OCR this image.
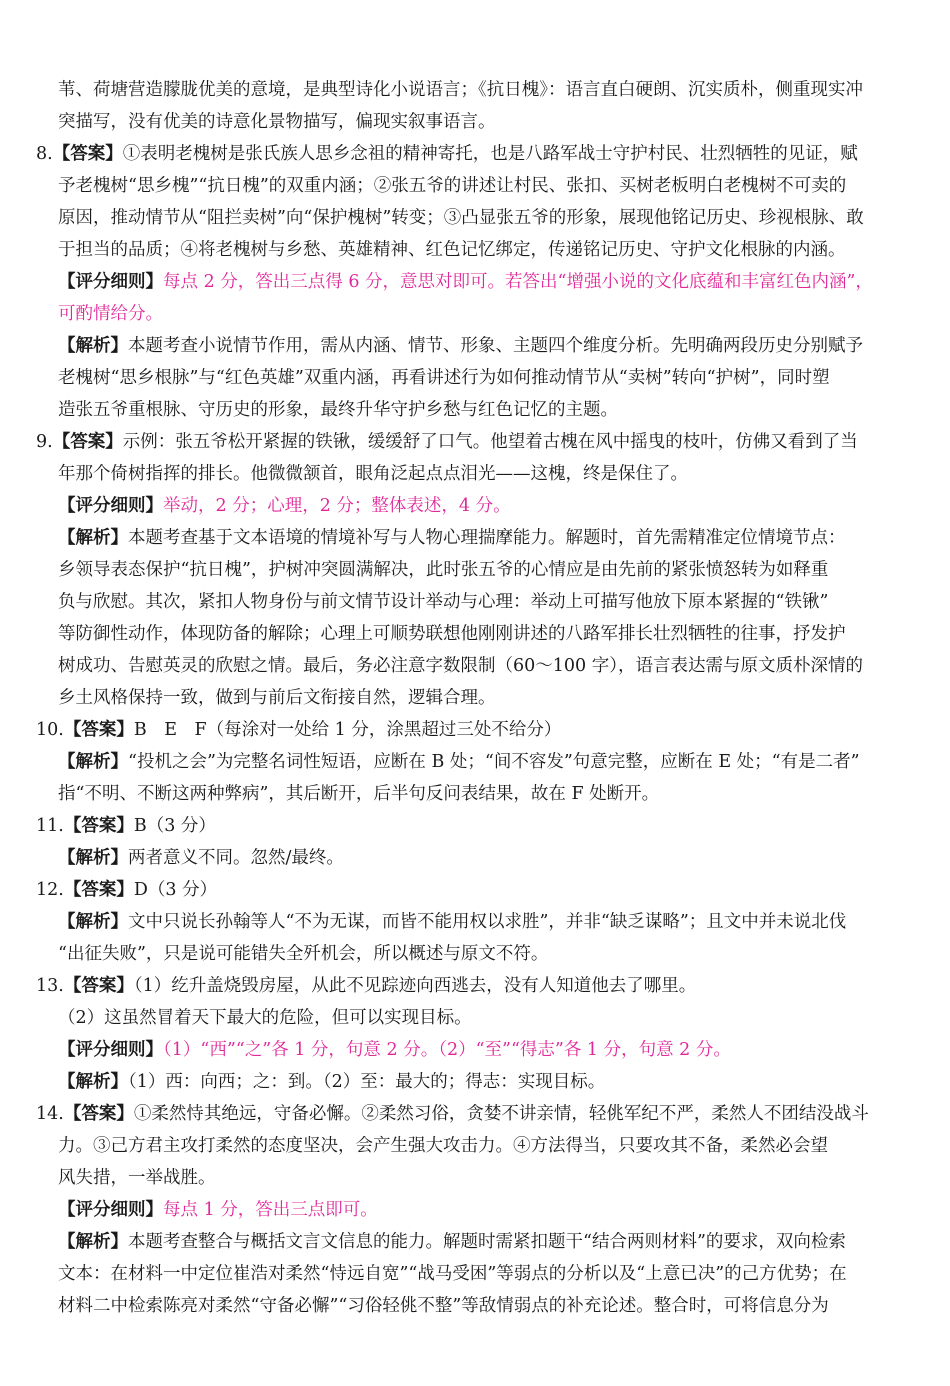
苇、荷塘营造朦胧优美的意境，是典型诗化小说语言；《抗日槐》：语言直白硬朗、沉实质朴，侧重现实冲
突描写，没有优美的诗意化景物描写，偏现实叙事语言。
8.【答案】①表明老槐树是张氏族人思乡念祖的精神寄托，也是八路军战士守护村民、壮烈牺牲的见证，赋
予老槐树“思乡槐”“抗日槐”的双重内涵；②张五爷的讲述让村民、张扣、买树老板明白老槐树不可卖的
原因，推动情节从“阻拦卖树”向“保护槐树”转变；③凸显张五爷的形象，展现他铭记历史、珍视根脉、敢
于担当的品质；④将老槐树与乡愁、英雄精神、红色记忆绑定，传递铭记历史、守护文化根脉的内涵。
【评分细则】每点 2 分，答出三点得 6 分，意思对即可。若答出“增强小说的文化底蕴和丰富红色内涵”，
可酌情给分。
【解析】本题考查小说情节作用，需从内涵、情节、形象、主题四个维度分析。先明确两段历史分别赋予
老槐树“思乡根脉”与“红色英雄”双重内涵，再看讲述行为如何推动情节从“卖树”转向“护树”，同时塑
造张五爷重根脉、守历史的形象，最终升华守护乡愁与红色记忆的主题。
9.【答案】示例：张五爷松开紧握的铁锹，缓缓舒了口气。他望着古槐在风中摇曳的枝叶，仿佛又看到了当
年那个倚树指挥的排长。他微微颔首，眼角泛起点点泪光——这槐，终是保住了。
【评分细则】举动，2 分；心理，2 分；整体表述，4 分。
【解析】本题考查基于文本语境的情境补写与人物心理揣摩能力。解题时，首先需精准定位情境节点：
乡领导表态保护“抗日槐”，护树冲突圆满解决，此时张五爷的心情应是由先前的紧张愤怒转为如释重
负与欣慰。其次，紧扣人物身份与前文情节设计举动与心理：举动上可描写他放下原本紧握的“铁锹”
等防御性动作，体现防备的解除；心理上可顺势联想他刚刚讲述的八路军排长壮烈牺牲的往事，抒发护
树成功、告慰英灵的欣慰之情。最后，务必注意字数限制（60～100 字），语言表达需与原文质朴深情的
乡土风格保持一致，做到与前后文衔接自然，逻辑合理。
10.【答案】B　E　F（每涂对一处给 1 分，涂黑超过三处不给分）
【解析】“投机之会”为完整名词性短语，应断在 B 处；“间不容发”句意完整，应断在 E 处；“有是二者”
指“不明、不断这两种弊病”，其后断开，后半句反问表结果，故在 F 处断开。
11.【答案】B（3 分）
【解析】两者意义不同。忽然/最终。
12.【答案】D（3 分）
【解析】文中只说长孙翰等人“不为无谋，而皆不能用权以求胜”，并非“缺乏谋略”；且文中并未说北伐
“出征失败”，只是说可能错失全歼机会，所以概述与原文不符。
13.【答案】（1）纥升盖烧毁房屋，从此不见踪迹向西逃去，没有人知道他去了哪里。
（2）这虽然冒着天下最大的危险，但可以实现目标。
【评分细则】（1）“西”“之”各 1 分，句意 2 分。（2）“至”“得志”各 1 分，句意 2 分。
【解析】（1）西：向西；之：到。（2）至：最大的；得志：实现目标。
14.【答案】①柔然恃其绝远，守备必懈。②柔然习俗，贪婪不讲亲情，轻佻军纪不严，柔然人不团结没战斗
力。③己方君主攻打柔然的态度坚决，会产生强大攻击力。④方法得当，只要攻其不备，柔然必会望
风失措，一举战胜。
【评分细则】每点 1 分，答出三点即可。
【解析】本题考查整合与概括文言文信息的能力。解题时需紧扣题干“结合两则材料”的要求，双向检索
文本：在材料一中定位崔浩对柔然“恃远自宽”“战马受困”等弱点的分析以及“上意已决”的己方优势；在
材料二中检索陈亮对柔然“守备必懈”“习俗轻佻不整”等敌情弱点的补充论述。整合时，可将信息分为
